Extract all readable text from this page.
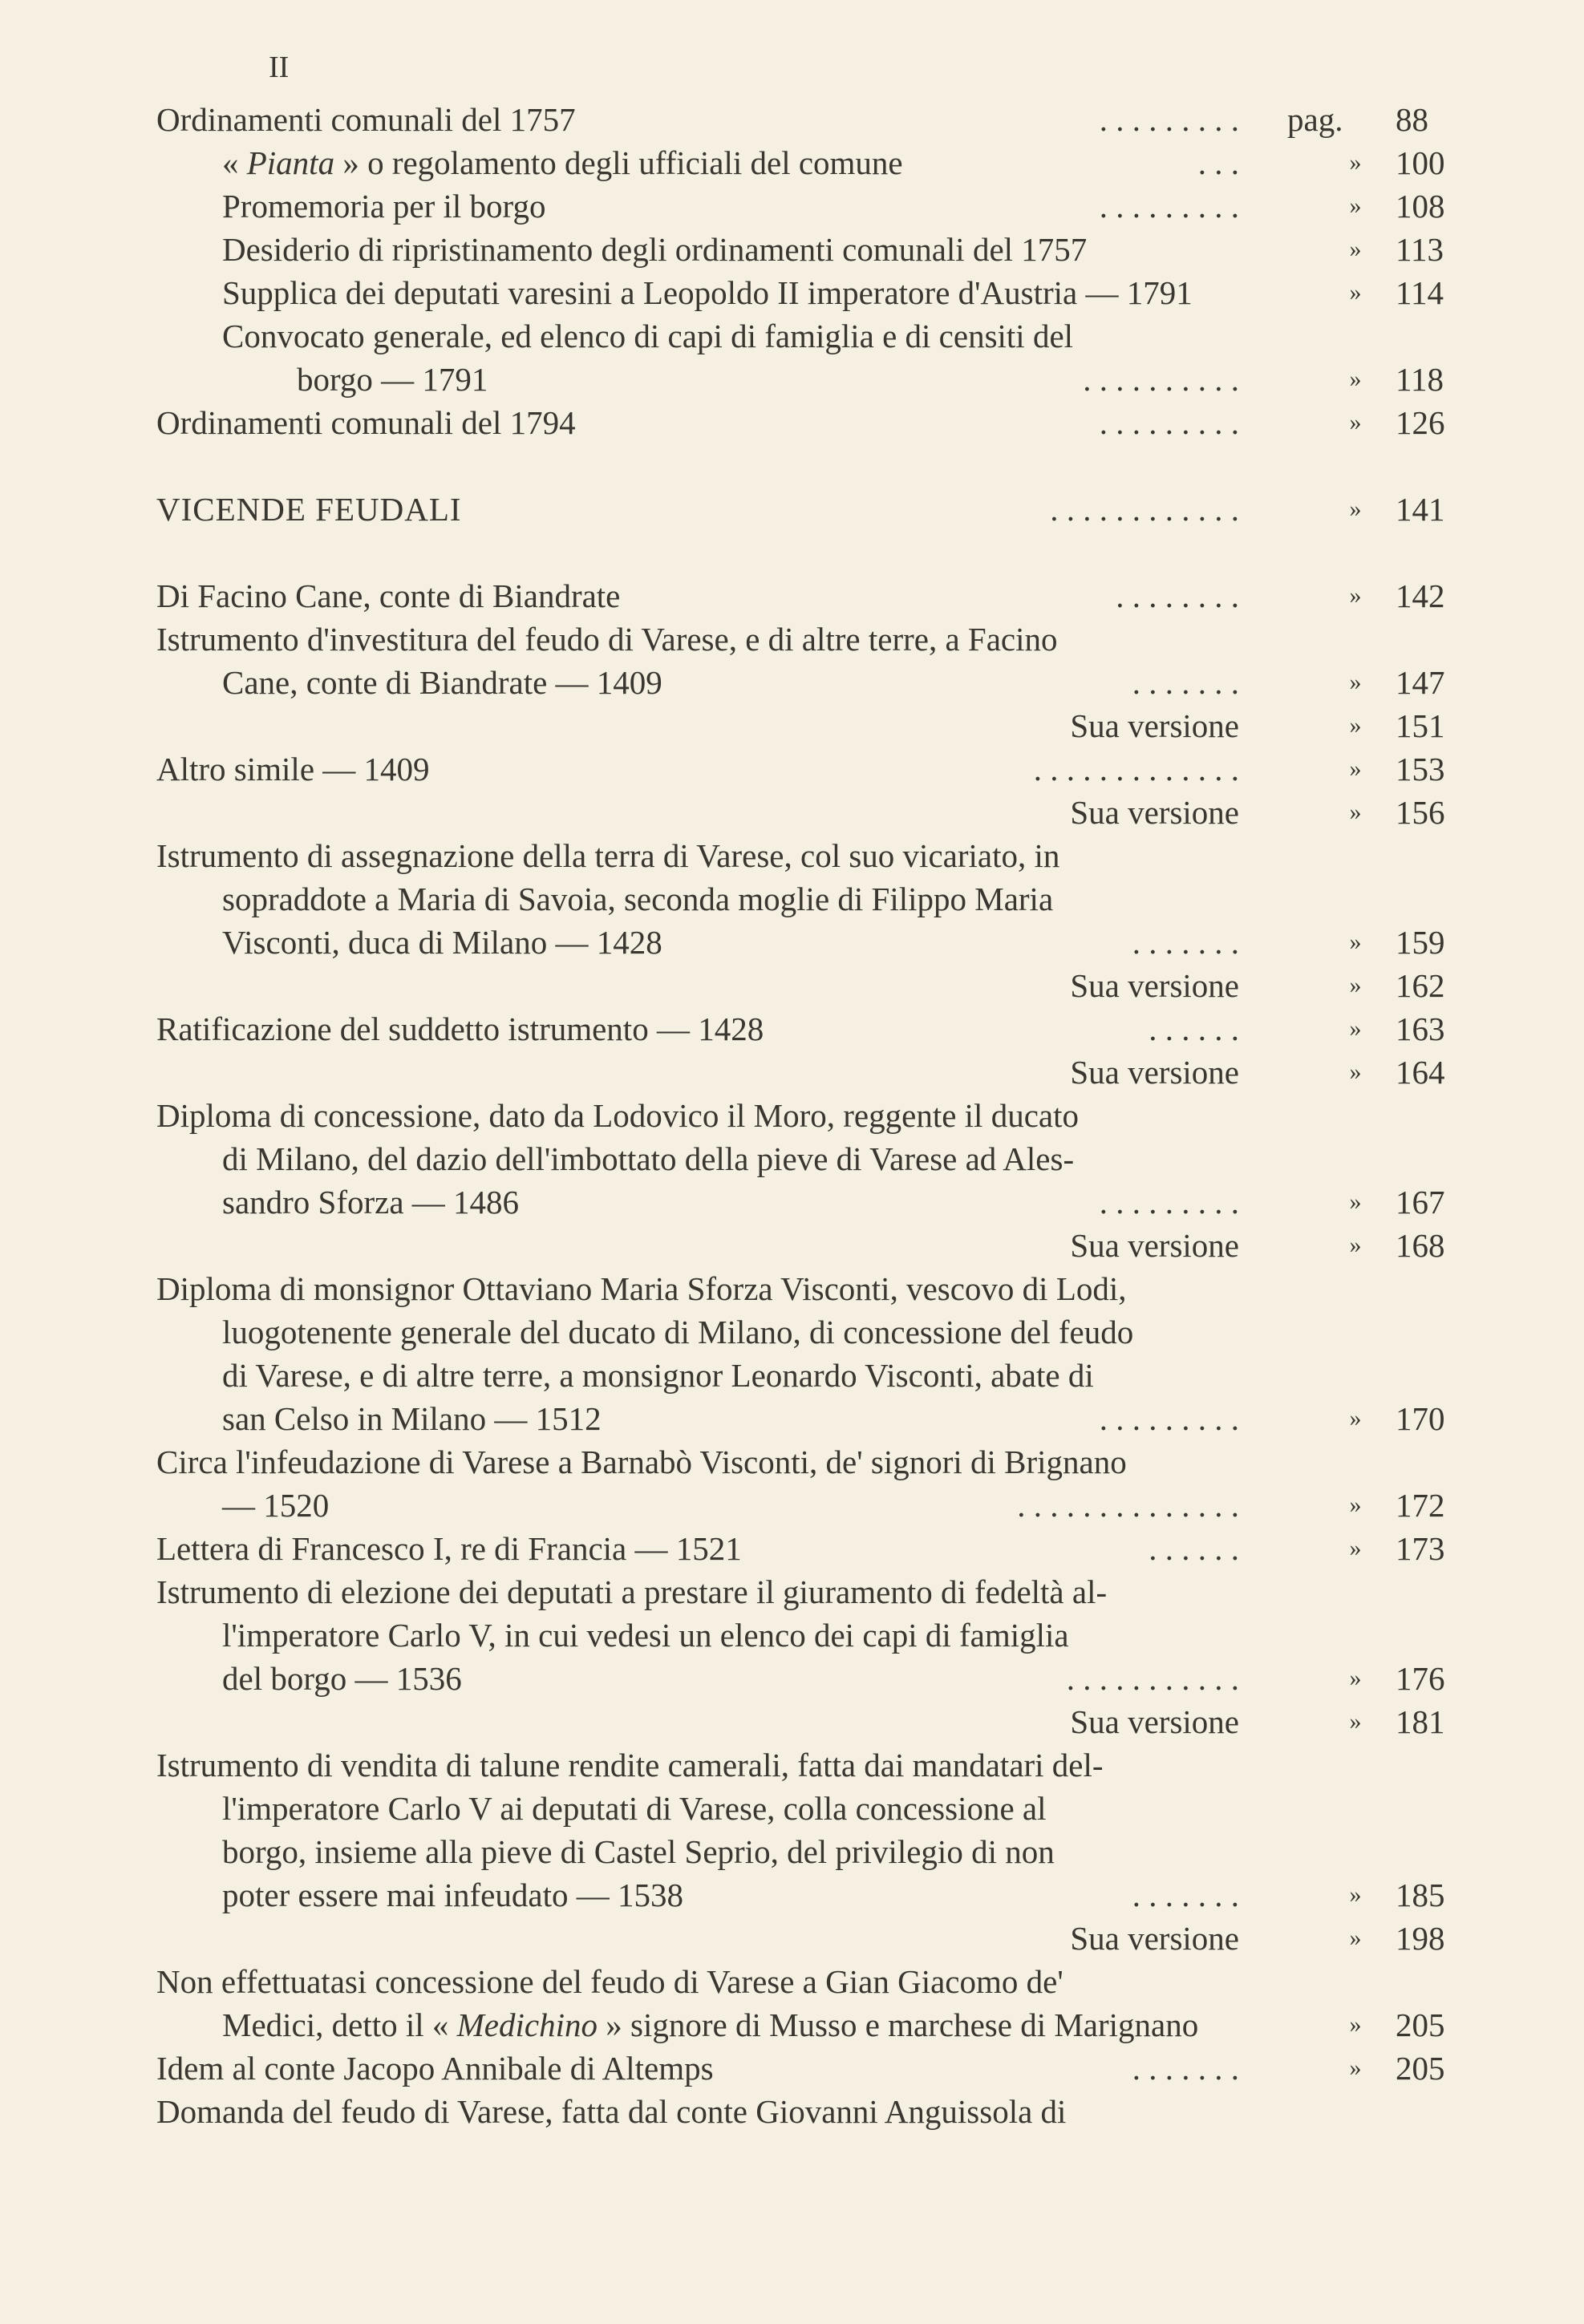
II
Ordinamenti comunali del 1757	. . . . . . . . . pag. 88
« Pianta » o regolamento degli ufficiali del comune	. . .	»	100
Promemoria per il borgo	. . . . . . . . .	»	108
Desiderio di ripristinamento degli ordinamenti comunali del 1757	»	113
Supplica dei deputati varesini a Leopoldo II imperatore d'Austria — 1791	»	114
Convocato generale, ed elenco di capi di famiglia e di censiti del
borgo — 1791	. . . . . . . . . .	»	118
Ordinamenti comunali del 1794	. . . . . . . . .	»	126
VICENDE FEUDALI	. . . . . . . . . . . .	»	141
Di Facino Cane, conte di Biandrate	. . . . . . . .	»	142
Istrumento d'investitura del feudo di Varese, e di altre terre, a Facino
Cane, conte di Biandrate — 1409	. . . . . . .	»	147
Sua versione	»	151
Altro simile — 1409	. . . . . . . . . . . . .	»	153
Sua versione	»	156
Istrumento di assegnazione della terra di Varese, col suo vicariato, in
sopraddote a Maria di Savoia, seconda moglie di Filippo Maria
Visconti, duca di Milano — 1428	. . . . . . .	»	159
Sua versione	»	162
Ratificazione del suddetto istrumento — 1428	. . . . . .	»	163
Sua versione	»	164
Diploma di concessione, dato da Lodovico il Moro, reggente il ducato
di Milano, del dazio dell'imbottato della pieve di Varese ad Ales-
sandro Sforza — 1486	. . . . . . . . .	»	167
Sua versione	»	168
Diploma di monsignor Ottaviano Maria Sforza Visconti, vescovo di Lodi,
luogotenente generale del ducato di Milano, di concessione del feudo
di Varese, e di altre terre, a monsignor Leonardo Visconti, abate di
san Celso in Milano — 1512	. . . . . . . . .	»	170
Circa l'infeudazione di Varese a Barnabò Visconti, de' signori di Brignano
— 1520	. . . . . . . . . . . . . .	»	172
Lettera di Francesco I, re di Francia — 1521	. . . . . .	»	173
Istrumento di elezione dei deputati a prestare il giuramento di fedeltà al-
l'imperatore Carlo V, in cui vedesi un elenco dei capi di famiglia
del borgo — 1536	. . . . . . . . . . .	»	176
Sua versione	»	181
Istrumento di vendita di talune rendite camerali, fatta dai mandatari del-
l'imperatore Carlo V ai deputati di Varese, colla concessione al
borgo, insieme alla pieve di Castel Seprio, del privilegio di non
poter essere mai infeudato — 1538	. . . . . . .	»	185
Sua versione	»	198
Non effettuatasi concessione del feudo di Varese a Gian Giacomo de'
Medici, detto il « Medichino » signore di Musso e marchese di Marignano	»	205
Idem al conte Jacopo Annibale di Altemps	. . . . . . .	»	205
Domanda del feudo di Varese, fatta dal conte Giovanni Anguissola di
